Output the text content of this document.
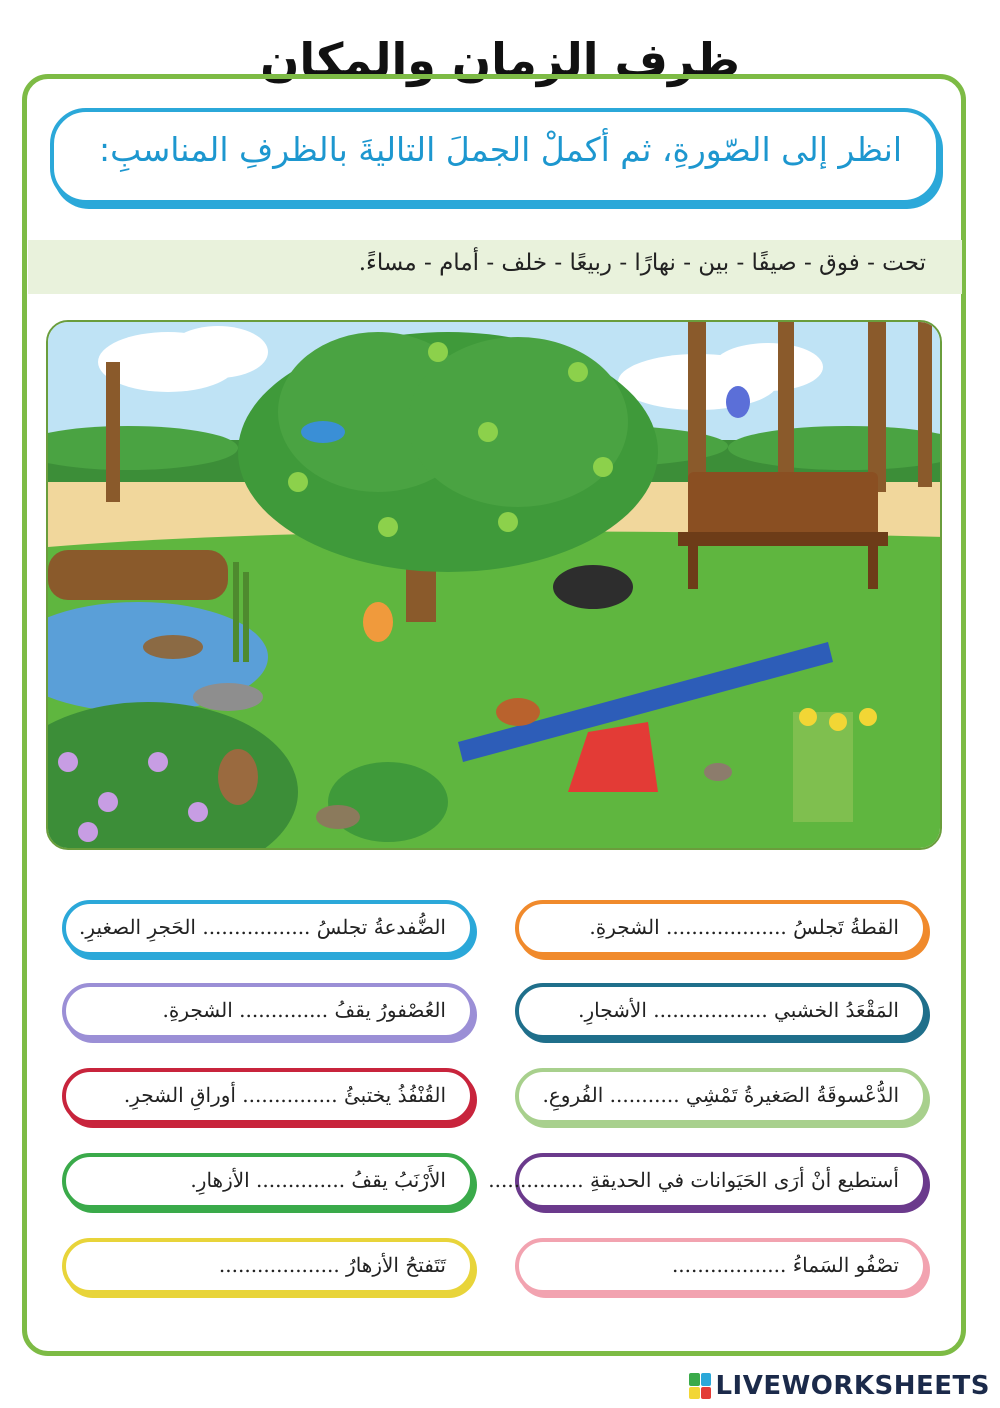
ظرف الزمان والمكان
انظر إلى الصّورةِ، ثم أكملْ الجملَ التاليةَ بالظرفِ المناسبِ:
تحت - فوق - صيفًا - بين - نهارًا - ربيعًا - خلف - أمام - مساءً.
القطةُ تَجلسُ ................... الشجرةِ.
الضُّفدعةُ تجلسُ ................. الحَجرِ الصغيرِ.
المَقْعَدُ الخشبي .................. الأشجارِ.
العُصْفورُ يقفُ .............. الشجرةِ.
الدُّعْسوقَةُ الصَغيرةُ تَمْشِي ........... الفُروعِ.
القُنْفُذُ يختبئُ ............... أوراقِ الشجرِ.
أستطيع أنْ أرَى الحَيَوانات في الحديقةِ ...............
الأَرْنَبُ يقفُ .............. الأزهارِ.
تصْفُو السَماءُ ..................
تَتَفتحُ الأزهارُ ...................
LIVEWORKSHEETS
